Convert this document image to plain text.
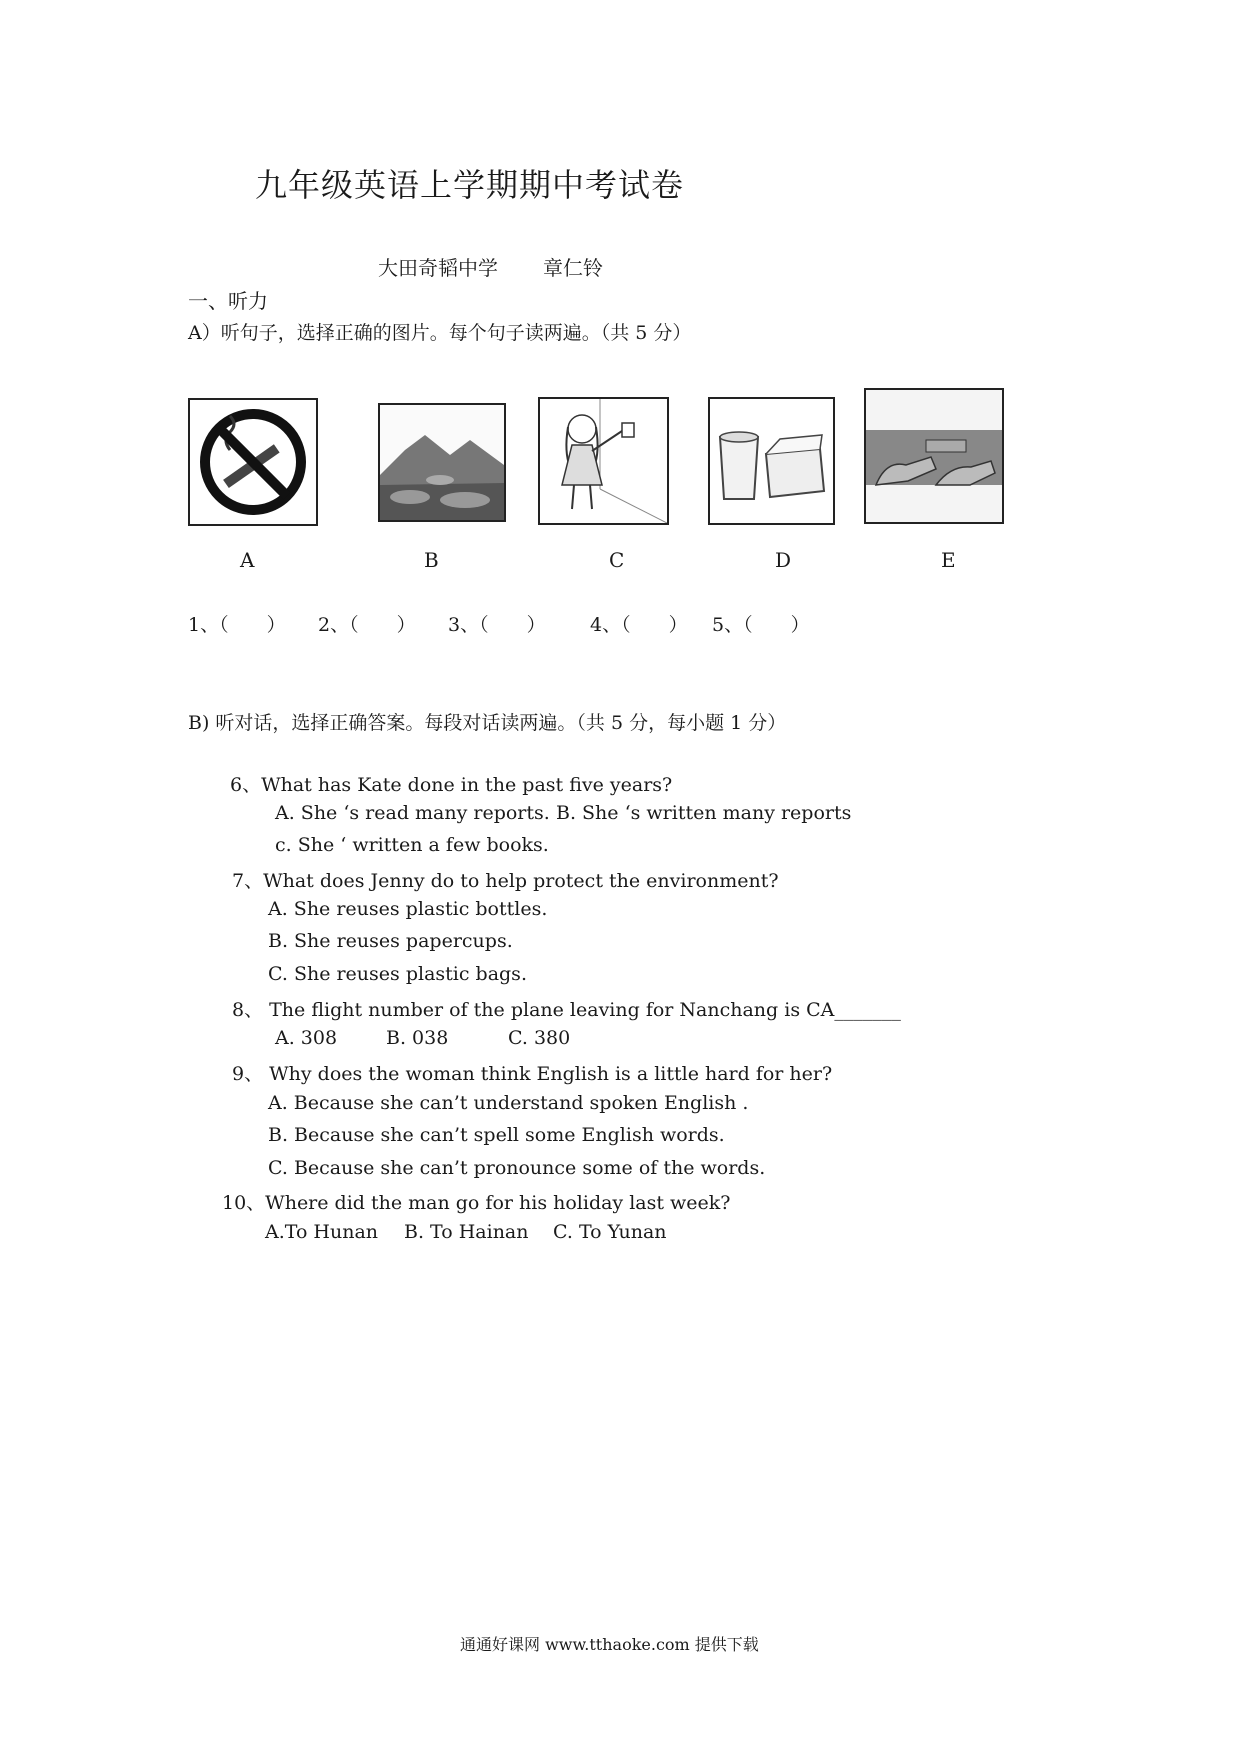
九年级英语上学期期中考试卷
大田奇韬中学 章仁铃
一、听力
A）听句子，选择正确的图片。每个句子读两遍。（共 5 分）
A	B	C	D	E
1、（　　） 2、（　　） 3、（　　） 4、（　　） 5、（　　）
B) 听对话，选择正确答案。每段对话读两遍。（共 5 分，每小题 1 分）
6、What has Kate done in the past five years?
A. She ‘s read many reports. B. She ‘s written many reports
c. She ‘ written a few books.
7、What does Jenny do to help protect the environment?
A. She reuses plastic bottles.
B. She reuses papercups.
C. She reuses plastic bags.
8、 The flight number of the plane leaving for Nanchang is CA_______
A. 308	B. 038	C. 380
9、 Why does the woman think English is a little hard for her?
A. Because she can’t understand spoken English .
B. Because she can’t spell some English words.
C. Because she can’t pronounce some of the words.
10、Where did the man go for his holiday last week?
A.To Hunan B. To Hainan C. To Yunan
通通好课网 www.tthaoke.com 提供下载
